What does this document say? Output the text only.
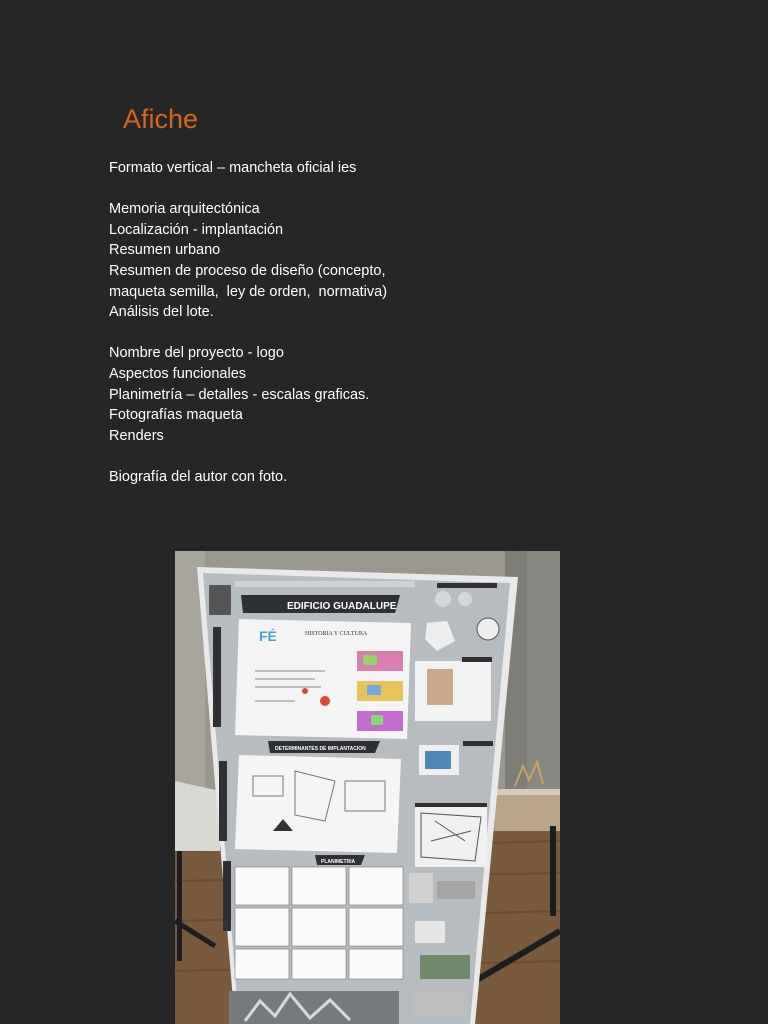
Afiche
Formato vertical – mancheta oficial ies
Memoria arquitectónica
Localización - implantación
Resumen urbano
Resumen de proceso de diseño (concepto,
maqueta semilla,  ley de orden,  normativa)
Análisis del lote.
Nombre del proyecto - logo
Aspectos funcionales
Planimetría – detalles - escalas graficas.
Fotografías maqueta
Renders
Biografía del autor con foto.
EDIFICIO GUADALUPE
FÉ	HISTORIA Y CULTURA
DETERMINANTES DE IMPLANTACION
PLANIMETRIA
